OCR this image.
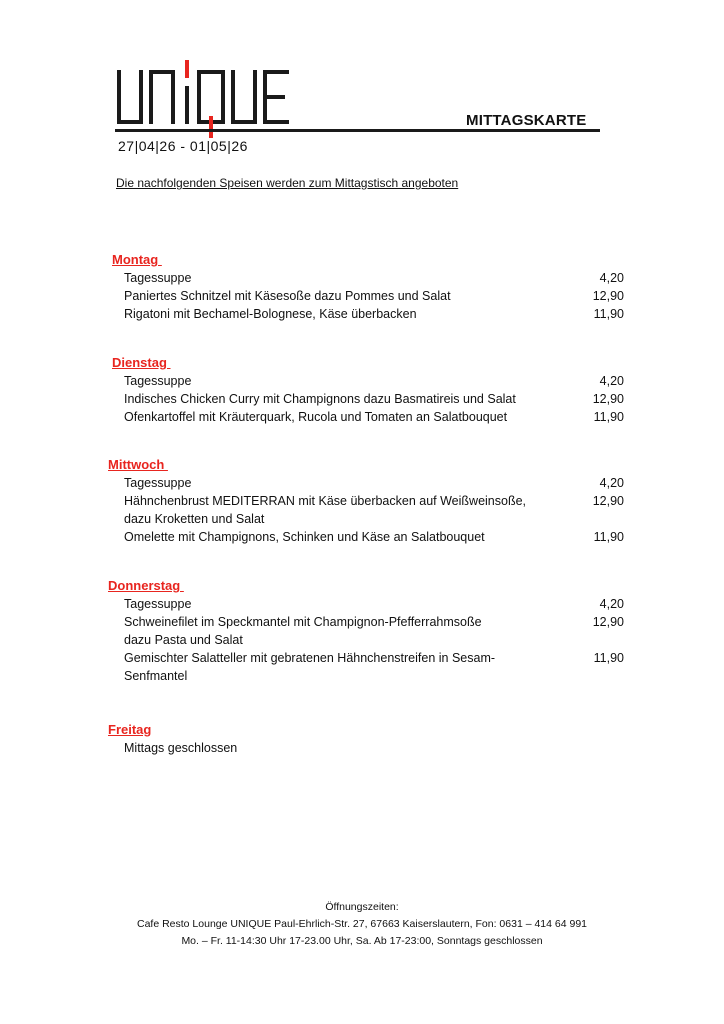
MITTAGSKARTE
27|04|26 - 01|05|26
Die nachfolgenden Speisen werden zum Mittagstisch angeboten
Montag
Tagessuppe	4,20
Paniertes Schnitzel mit Käsesoße dazu Pommes und Salat	12,90
Rigatoni mit Bechamel-Bolognese, Käse überbacken	11,90
Dienstag
Tagessuppe	4,20
Indisches Chicken Curry mit Champignons dazu Basmatireis und Salat	12,90
Ofenkartoffel mit Kräuterquark, Rucola und Tomaten an Salatbouquet	11,90
Mittwoch
Tagessuppe	4,20
Hähnchenbrust MEDITERRAN mit Käse überbacken auf Weißweinsoße,	12,90
dazu Kroketten und Salat
Omelette mit Champignons, Schinken und Käse an Salatbouquet	11,90
Donnerstag
Tagessuppe	4,20
Schweinefilet im Speckmantel mit Champignon-Pfefferrahmsoße	12,90
dazu Pasta und Salat
Gemischter Salatteller mit gebratenen Hähnchenstreifen in Sesam-	11,90
Senfmantel
Freitag
Mittags geschlossen
Öffnungszeiten:
Cafe Resto Lounge UNIQUE Paul-Ehrlich-Str. 27, 67663 Kaiserslautern, Fon: 0631 – 414 64 991
Mo. – Fr. 11-14:30 Uhr 17-23.00 Uhr, Sa. Ab 17-23:00, Sonntags geschlossen
